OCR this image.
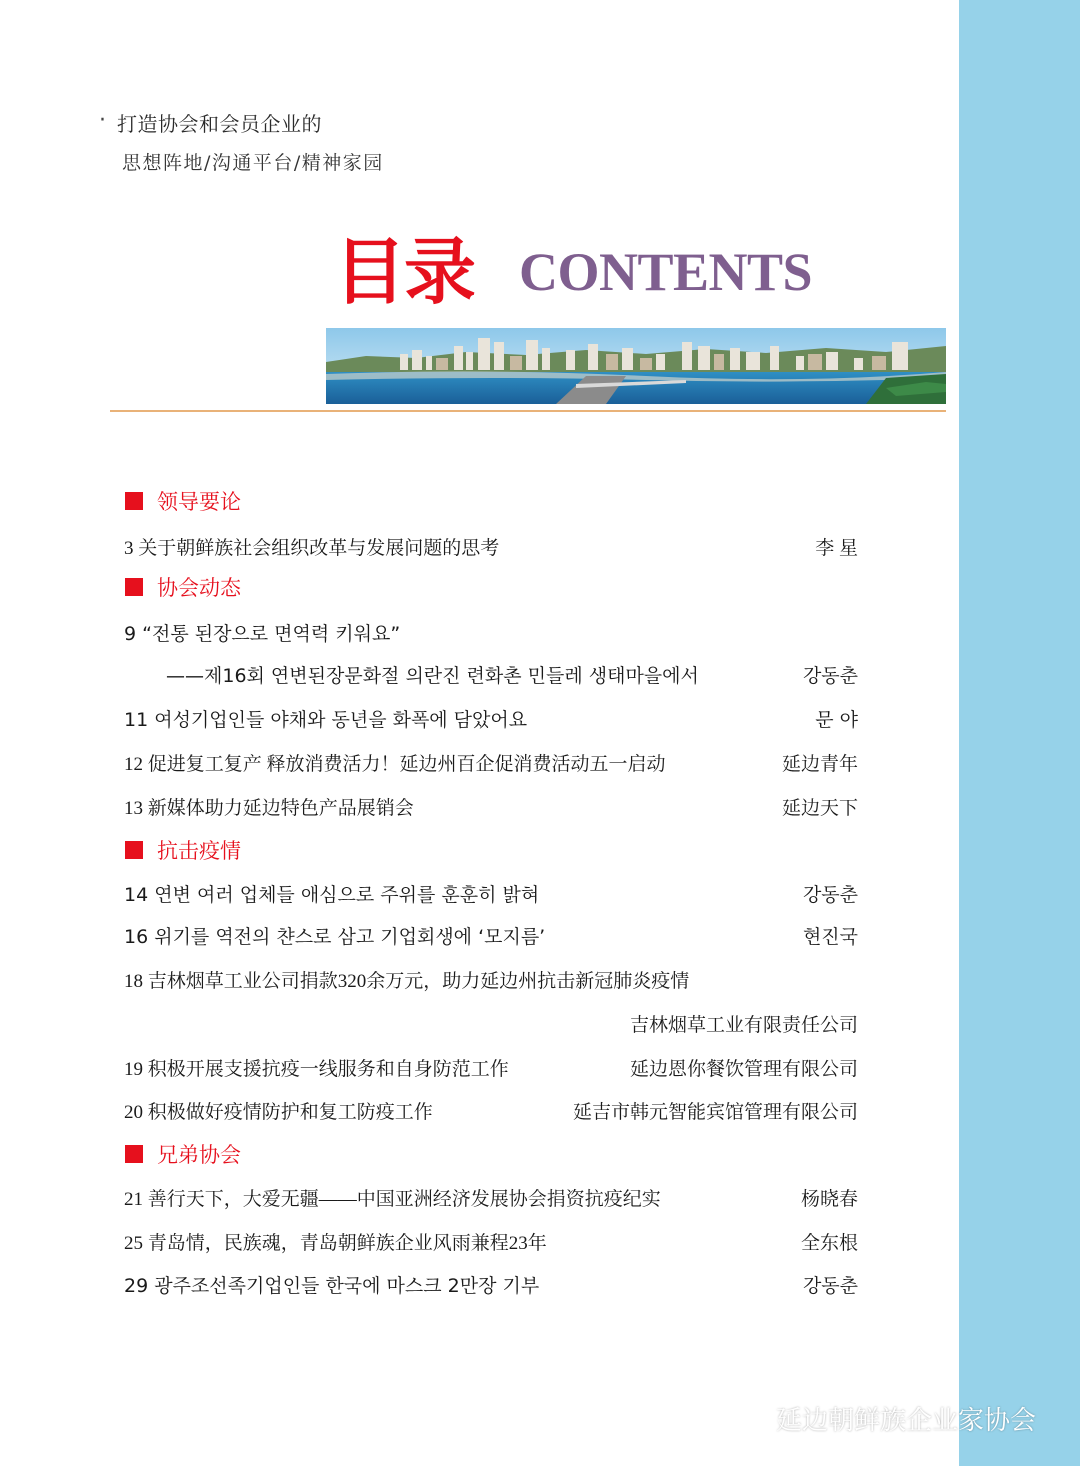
· 打造协会和会员企业的
思想阵地/沟通平台/精神家园
目录 CONTENTS
领导要论
3 关于朝鲜族社会组织改革与发展问题的思考	李 星
协会动态
9 “전통 된장으로 면역력 키워요”
——제16회 연변된장문화절 의란진 련화촌 민들레 생태마을에서	강동춘
11 여성기업인들 야채와 동년을 화폭에 담았어요	문 야
12 促进复工复产 释放消费活力！延边州百企促消费活动五一启动	延边青年
13 新媒体助力延边特色产品展销会	延边天下
抗击疫情
14 연변 여러 업체들 애심으로 주위를 훈훈히 밝혀	강동춘
16 위기를 역전의 챤스로 삼고 기업회생에 ‘모지름’	현진국
18 吉林烟草工业公司捐款320余万元，助力延边州抗击新冠肺炎疫情
吉林烟草工业有限责任公司
19 积极开展支援抗疫一线服务和自身防范工作	延边恩你餐饮管理有限公司
20 积极做好疫情防护和复工防疫工作	延吉市韩元智能宾馆管理有限公司
兄弟协会
21 善行天下，大爱无疆——中国亚洲经济发展协会捐资抗疫纪实	杨晓春
25 青岛情，民族魂，青岛朝鲜族企业风雨兼程23年	全东根
29 광주조선족기업인들 한국에 마스크 2만장 기부	강동춘
延边朝鲜族企业家协会
